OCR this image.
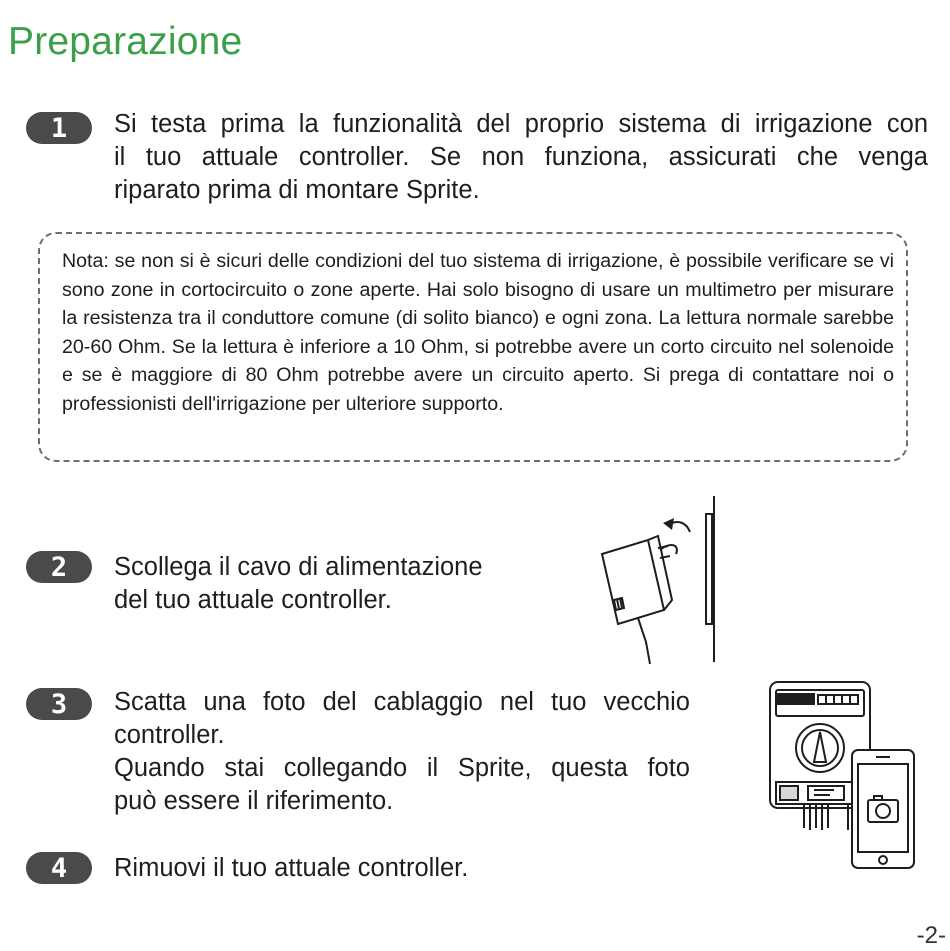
Preparazione
1	Si testa prima la funzionalità del proprio sistema di irrigazione con
il tuo attuale controller. Se non funziona, assicurati che venga
riparato prima di montare Sprite.
Nota: se non si è sicuri delle condizioni del tuo sistema di irrigazione, è possibile verificare se vi sono zone in cortocircuito o zone aperte. Hai solo bisogno di usare un multimetro per misurare la resistenza tra il conduttore comune (di solito bianco) e ogni zona. La lettura normale sarebbe 20-60 Ohm. Se la lettura è inferiore a 10 Ohm, si potrebbe avere un corto circuito nel solenoide e se è maggiore di 80 Ohm potrebbe avere un circuito aperto. Si prega di contattare noi o professionisti dell'irrigazione per ulteriore supporto.
2	Scollega il cavo di alimentazione
del tuo attuale controller.
3	Scatta una foto del cablaggio nel tuo vecchio
controller.
Quando stai collegando il Sprite, questa foto
può essere il riferimento.
4	Rimuovi il tuo attuale controller.
-2-
